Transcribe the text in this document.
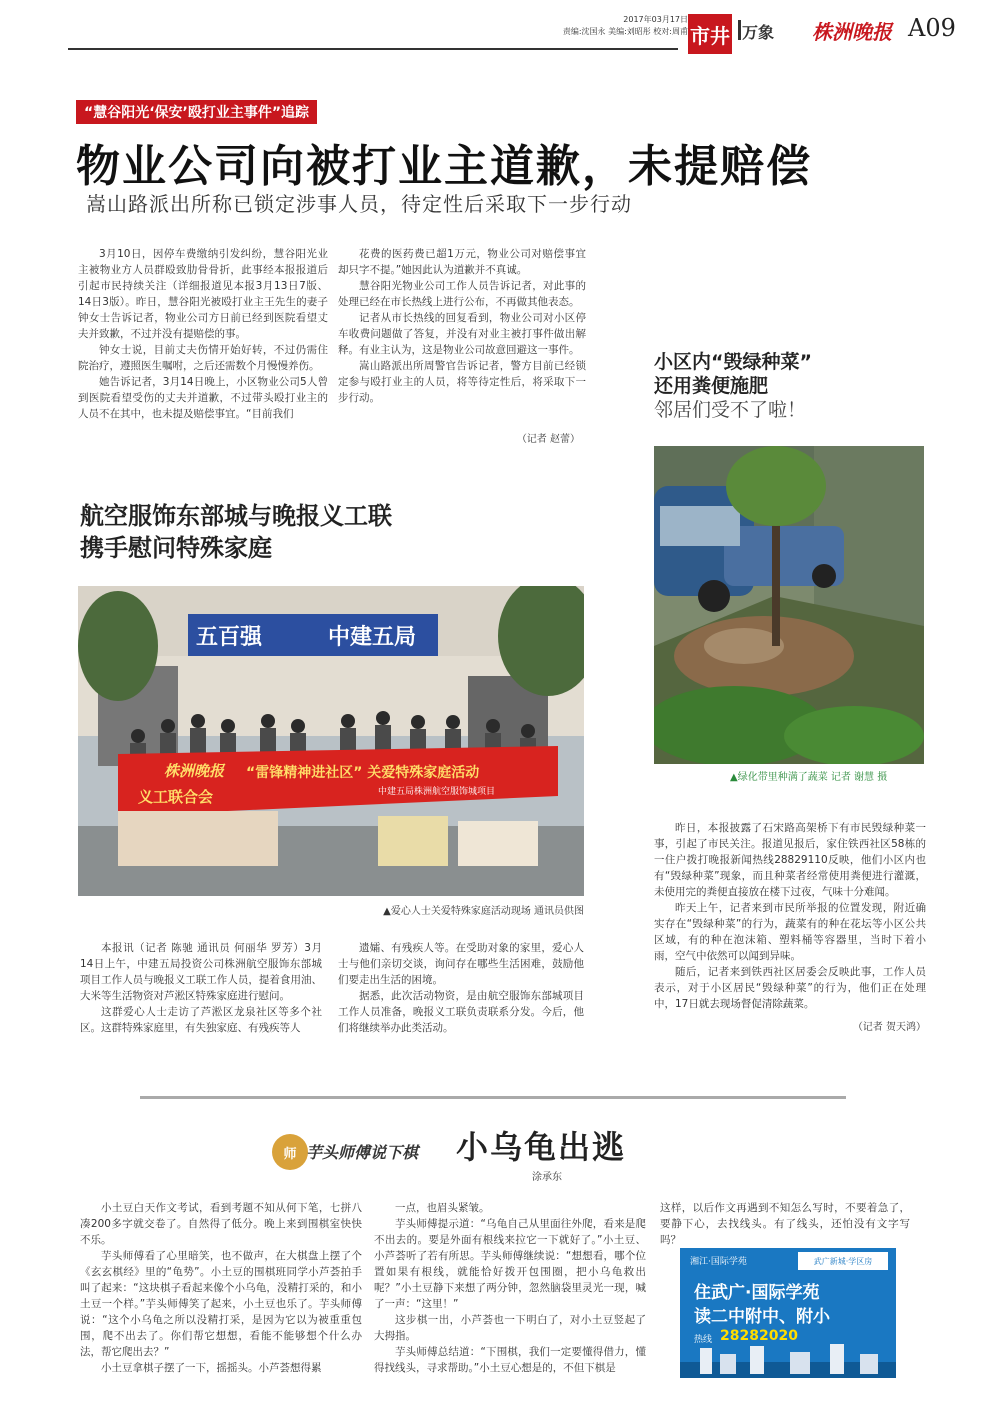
2017年03月17日
责编:沈国永 美编:刘昭彤 校对:周甫 市井 万象 株洲晚报 A09
“慧谷阳光‘保安’殴打业主事件”追踪
物业公司向被打业主道歉，未提赔偿
嵩山路派出所称已锁定涉事人员，待定性后采取下一步行动

3月10日，因停车费缴纳引发纠纷，慧谷阳光业主被物业方人员群殴致肋骨骨折，此事经本报报道后引起市民持续关注（详细报道见本报3月13日7版、14日3版）。昨日，慧谷阳光被殴打业主王先生的妻子钟女士告诉记者，物业公司方日前已经到医院看望丈夫并致歉，不过并没有提赔偿的事。

钟女士说，目前丈夫伤情开始好转，不过仍需住院治疗，遵照医生嘱咐，之后还需数个月慢慢养伤。

她告诉记者，3月14日晚上，小区物业公司5人曾到医院看望受伤的丈夫并道歉，不过带头殴打业主的人员不在其中，也未提及赔偿事宜。“目前我们

花费的医药费已超1万元，物业公司对赔偿事宜却只字不提。”她因此认为道歉并不真诚。

慧谷阳光物业公司工作人员告诉记者，对此事的处理已经在市长热线上进行公布，不再做其他表态。

记者从市长热线的回复看到，物业公司对小区停车收费问题做了答复，并没有对业主被打事件做出解释。有业主认为，这是物业公司故意回避这一事件。

嵩山路派出所周警官告诉记者，警方目前已经锁定参与殴打业主的人员，将等待定性后，将采取下一步行动。

（记者 赵蕾）
小区内“毁绿种菜”
还用粪便施肥
邻居们受不了啦！
▲绿化带里种满了蔬菜 记者 谢慧 摄

昨日，本报披露了石宋路高架桥下有市民毁绿种菜一事，引起了市民关注。报道见报后，家住铁西社区58栋的一住户拨打晚报新闻热线28829110反映，他们小区内也有“毁绿种菜”现象，而且种菜者经常使用粪便进行灌溉，未使用完的粪便直接放在楼下过夜，气味十分难闻。

昨天上午，记者来到市民所举报的位置发现，附近确实存在“毁绿种菜”的行为，蔬菜有的种在花坛等小区公共区域，有的种在泡沫箱、塑料桶等容器里，当时下着小雨，空气中依然可以闻到异味。

随后，记者来到铁西社区居委会反映此事，工作人员表示，对于小区居民“毁绿种菜”的行为，他们正在处理中，17日就去现场督促清除蔬菜。

（记者 贺天鸿）
航空服饰东部城与晚报义工联
携手慰问特殊家庭
五百强	中建五局
株洲晚报
义工联合会
“雷锋精神进社区” 关爱特殊家庭活动
中建五局株洲航空服饰城项目
▲爱心人士关爱特殊家庭活动现场 通讯员供图

本报讯（记者 陈驰 通讯员 何丽华 罗芳）3月14日上午，中建五局投资公司株洲航空服饰东部城项目工作人员与晚报义工联工作人员，提着食用油、大米等生活物资对芦淞区特殊家庭进行慰问。

这群爱心人士走访了芦淞区龙泉社区等多个社区。这群特殊家庭里，有失独家庭、有残疾等人

遗孀、有残疾人等。在受助对象的家里，爱心人士与他们亲切交谈，询问存在哪些生活困难，鼓励他们要走出生活的困境。

据悉，此次活动物资，是由航空服饰东部城项目工作人员准备，晚报义工联负责联系分发。今后，他们将继续举办此类活动。

师 芋头师傅说下棋 小乌龟出逃
涂承东

小土豆白天作文考试，看到考题不知从何下笔，七拼八凑200多字就交卷了。自然得了低分。晚上来到围棋室快快不乐。

芋头师傅看了心里暗笑，也不做声，在大棋盘上摆了个《玄玄棋经》里的“龟势”。小土豆的围棋班同学小芦荟拍手叫了起来：“这块棋子看起来像个小乌龟，没精打采的，和小土豆一个样。”芋头师傅笑了起来，小土豆也乐了。芋头师傅说：“这个小乌龟之所以没精打采，是因为它以为被重重包围，爬不出去了。你们帮它想想，看能不能够想个什么办法，帮它爬出去？”

小土豆拿棋子摆了一下，摇摇头。小芦荟想得累

一点，也眉头紧皱。

芋头师傅提示道：“乌龟自己从里面往外爬，看来是爬不出去的。要是外面有根线来拉它一下就好了。”小土豆、小芦荟听了若有所思。芋头师傅继续说：“想想看，哪个位置如果有根线，就能恰好拨开包围圈，把小乌龟救出呢？”小土豆静下来想了两分钟，忽然脑袋里灵光一现，喊了一声：“这里！”

这步棋一出，小芦荟也一下明白了，对小土豆竖起了大拇指。

芋头师傅总结道：“下围棋，我们一定要懂得借力，懂得找线头，寻求帮助。”小土豆心想是的，不但下棋是

这样，以后作文再遇到不知怎么写时，不要着急了，要静下心，去找线头。有了线头，还怕没有文字写吗？

湘江·国际学苑	武广新城·学区房
住武广·国际学苑
读二中附中、附小
热线 28282020
